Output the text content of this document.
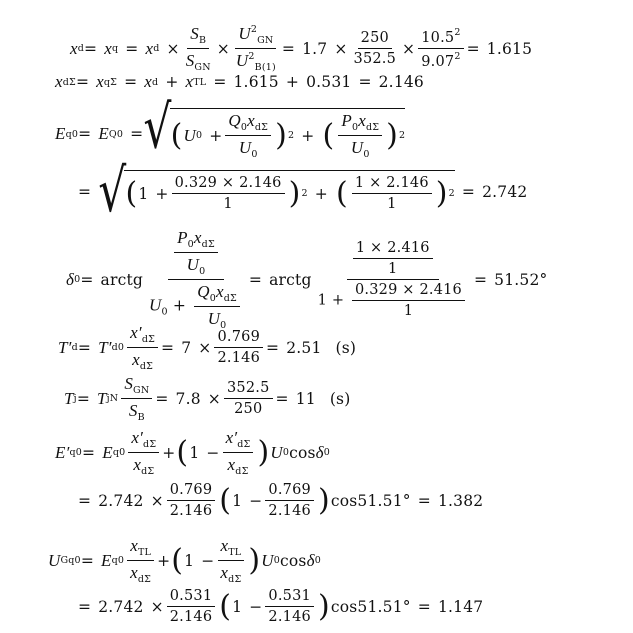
x d = x q = x $d \times \frac{S_B}{S_{GN}} \times \frac{U^2_{GN}}{U^2_{B(1)}} = 1.7 \times \frac{250}{352.5} \times \frac{10.5^2}{9.07^2} = 1.615$
x dΣ = x qΣ = x d + x TL = 1.615 + 0.531 = 2.146
E q0 = E Q0 = √ ( U $0 + \frac{Q_0x_{d\Sigma}}{U_0}$ ) 2 + ( $\frac{P_0x_{d\Sigma}}{U_0}$ ) 2
= √ ( $1 + \frac{0.329 \times 2.146}{1}$ ) 2 + ( $\frac{1 \times 2.146}{1}$ ) 2 = 2.742
δ 0 = arctg $\frac{\frac{P_0x_{d\Sigma}}{U_0}}{U_0 + \frac{Q_0x_{d\Sigma}}{U_0}}$ = arctg $\frac{\frac{1 \times 2.416}{1}}{1 + \frac{0.329 \times 2.416}{1}} = 51.52^\circ$
T′ d = T′ $d0 \frac{x'_{d\Sigma}}{x_{d\Sigma}} = 7 \times \frac{0.769}{2.146} = 2.51$ (s)
T j = T jN $\frac{S_{GN}}{S_B} = 7.8 \times \frac{352.5}{250} = 11$ (s)
E′ q0 = E $q0 \frac{x'_{d\Sigma}}{x_{d\Sigma}}$ + ( $1 - \frac{x'_{d\Sigma}}{x_{d\Sigma}}$ ) U 0 cos δ 0
= $2.742 \times \frac{0.769}{2.146}$ ( $1 - \frac{0.769}{2.146}$ ) cos 51.51° = 1.382
U Gq0 = E $q0 \frac{x_{TL}}{x_{d\Sigma}}$ + ( $1 - \frac{x_{TL}}{x_{d\Sigma}}$ ) U 0 cos δ 0
= $2.742 \times \frac{0.531}{2.146}$ ( $1 - \frac{0.531}{2.146}$ ) cos 51.51° = 1.147
